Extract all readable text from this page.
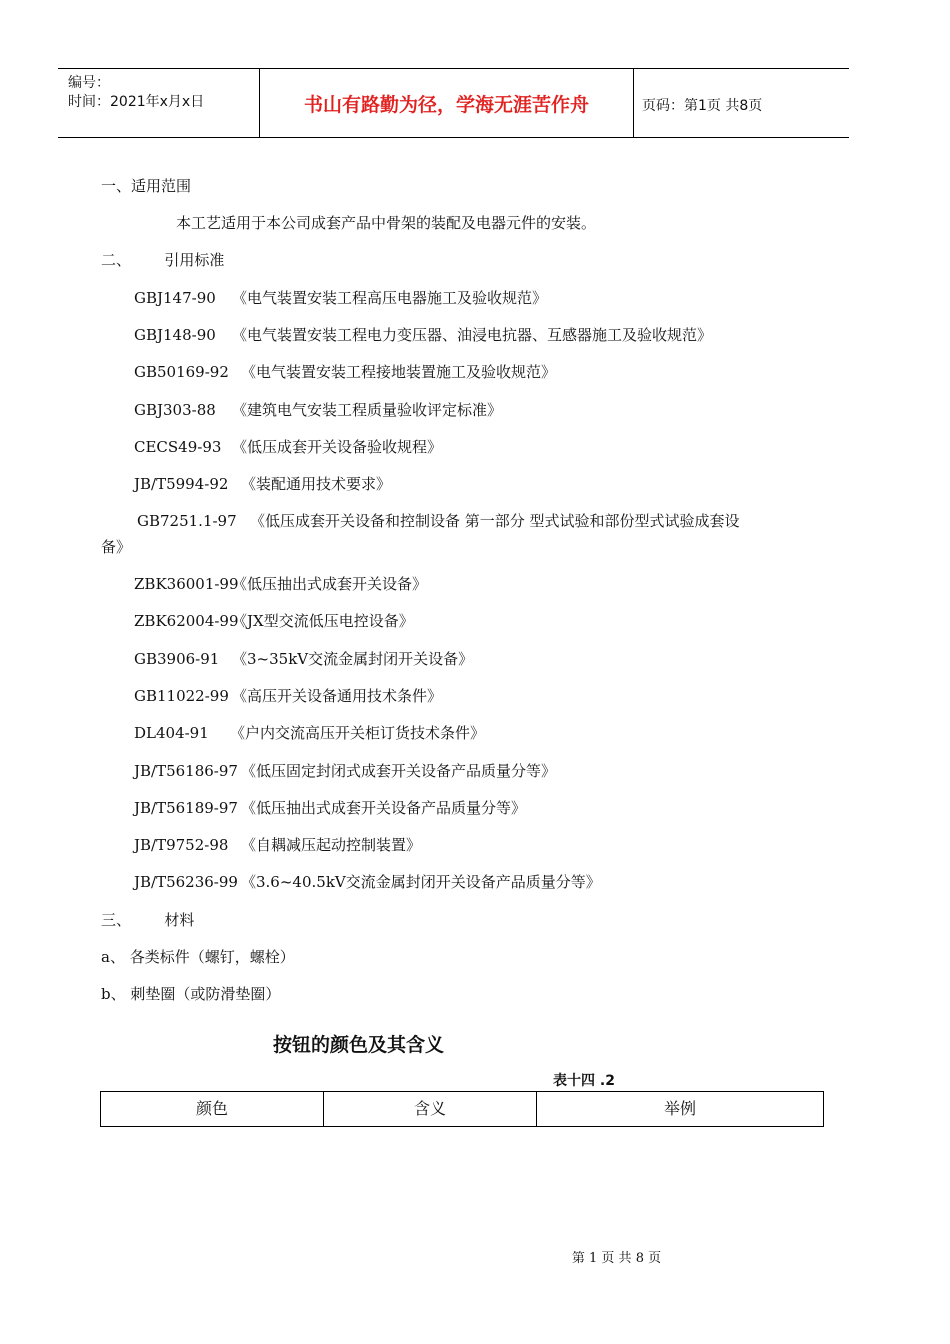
编号：
时间：2021年x月x日	书山有路勤为径，学海无涯苦作舟	页码：第1页 共8页
一、适用范围
本工艺适用于本公司成套产品中骨架的装配及电器元件的安装。
二、       引用标准
GBJ147-90 《电气装置安装工程高压电器施工及验收规范》
GBJ148-90 《电气装置安装工程电力变压器、油浸电抗器、互感器施工及验收规范》
GB50169-92 《电气装置安装工程接地装置施工及验收规范》
GBJ303-88 《建筑电气安装工程质量验收评定标准》
CECS49-93 《低压成套开关设备验收规程》
JB/T5994-92 《装配通用技术要求》
GB7251.1-97 《低压成套开关设备和控制设备 第一部分 型式试验和部份型式试验成套设
备》
ZBK36001-99《低压抽出式成套开关设备》
ZBK62004-99《JX型交流低压电控设备》
GB3906-91 《3~35kV交流金属封闭开关设备》
GB11022-99 《高压开关设备通用技术条件》
DL404-91 《户内交流高压开关柜订货技术条件》
JB/T56186-97 《低压固定封闭式成套开关设备产品质量分等》
JB/T56189-97 《低压抽出式成套开关设备产品质量分等》
JB/T9752-98 《自耦减压起动控制装置》
JB/T56236-99 《3.6~40.5kV交流金属封闭开关设备产品质量分等》
三、       材料
a、 各类标件（螺钉，螺栓）
b、 刺垫圈（或防滑垫圈）
按钮的颜色及其含义
表十四 .2
颜色	含义	举例
第 1 页 共 8 页
